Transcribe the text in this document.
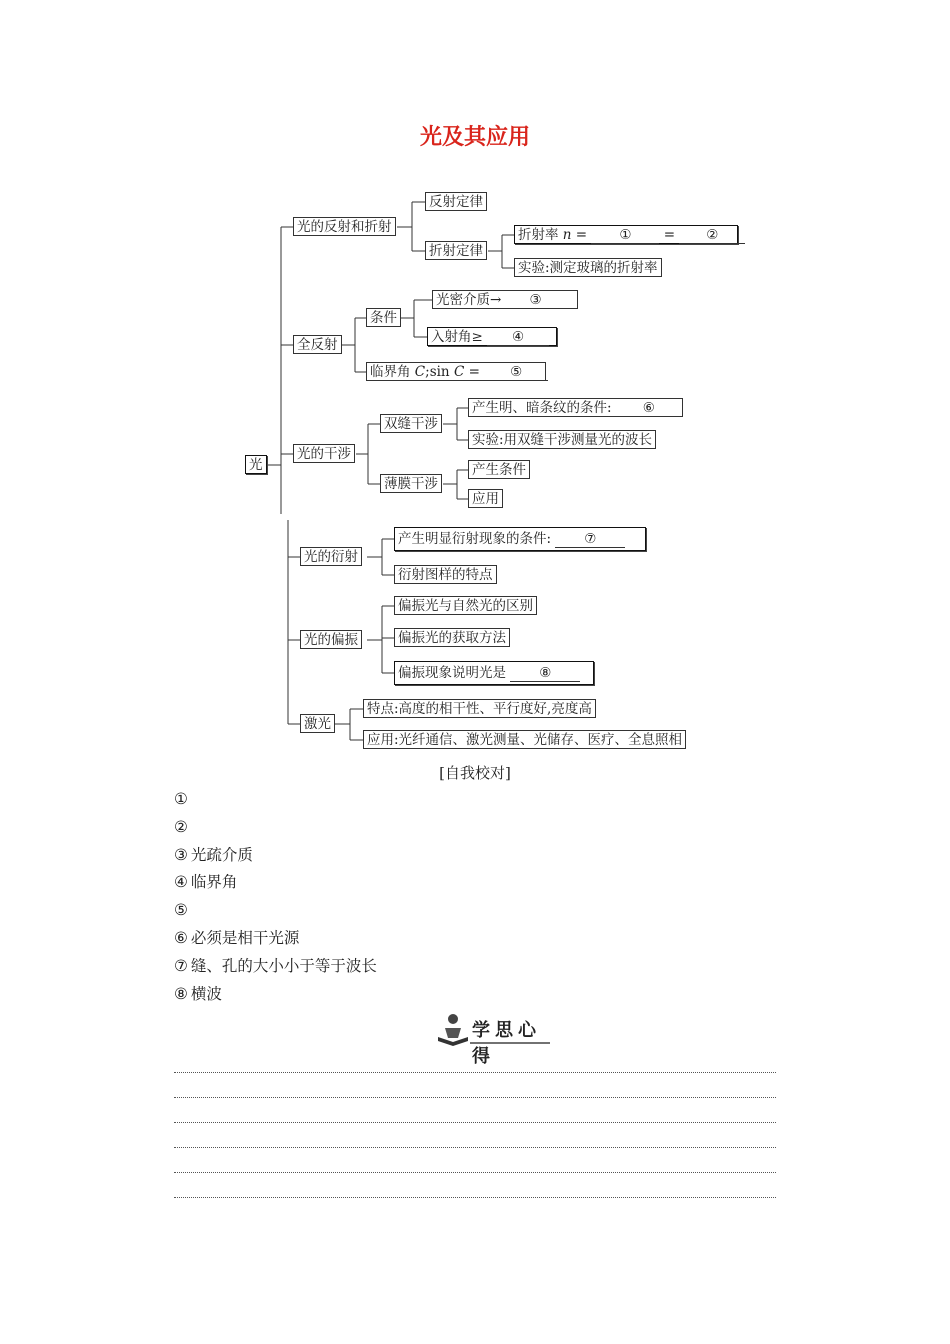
光及其应用
光
光的反射和折射
反射定律
折射定律
折射率 n = ① = ②
实验:测定玻璃的折射率
全反射
条件
光密介质→ ③
入射角≥ ④
临界角 C;sin C = ⑤
光的干涉
双缝干涉
产生明、暗条纹的条件: ⑥
实验:用双缝干涉测量光的波长
薄膜干涉
产生条件
应用
光的衍射
产生明显衍射现象的条件: ⑦
衍射图样的特点
光的偏振
偏振光与自然光的区别
偏振光的获取方法
偏振现象说明光是 ⑧
激光
特点:高度的相干性、平行度好,亮度高
应用:光纤通信、激光测量、光储存、医疗、全息照相
[自我校对]
①
②
③ 光疏介质
④ 临界角
⑤
⑥ 必须是相干光源
⑦ 缝、孔的大小小于等于波长
⑧ 横波
学思心得
